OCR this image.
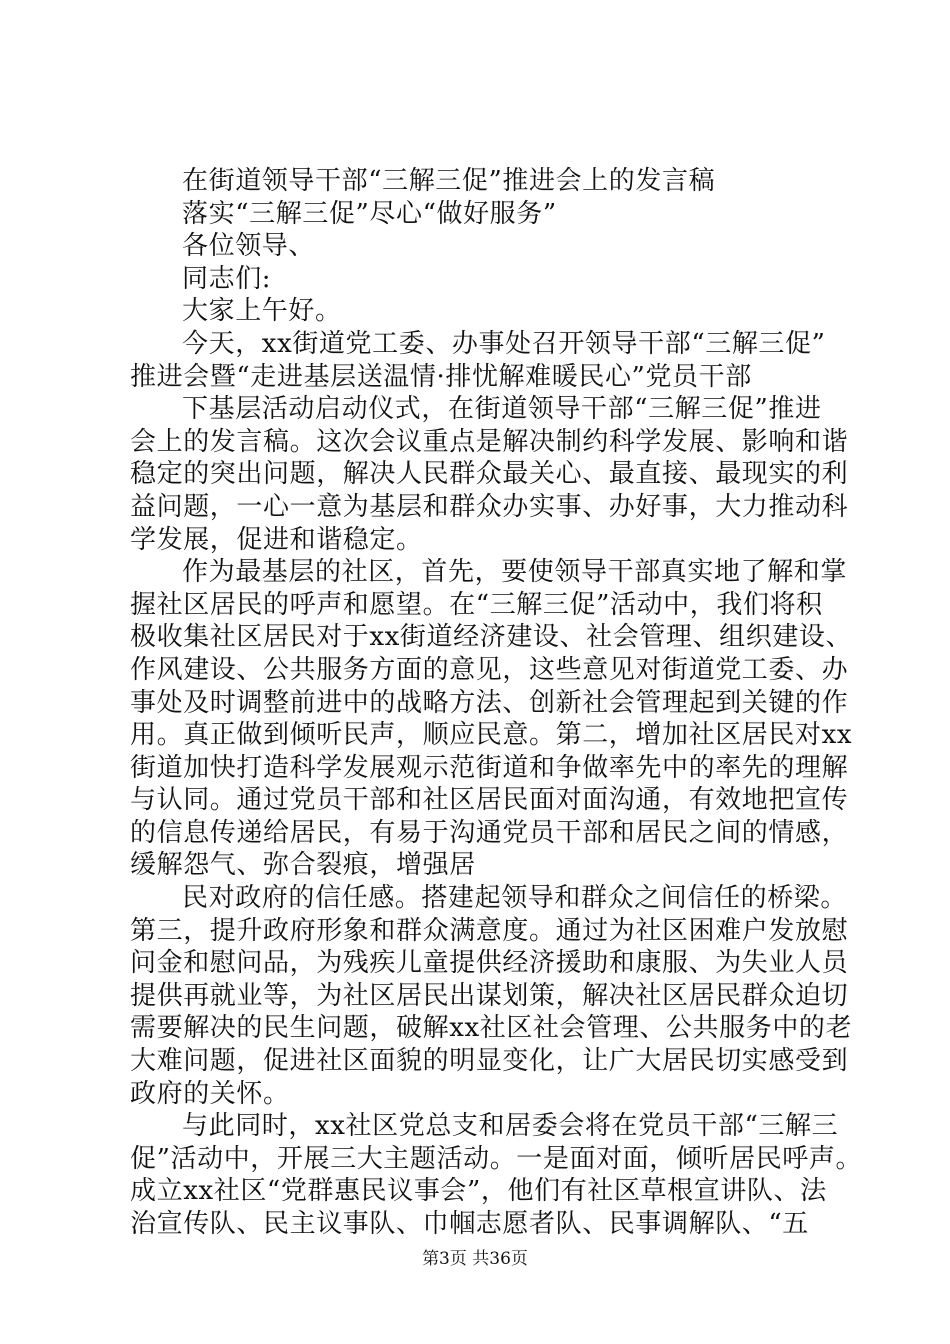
在街道领导干部“三解三促”推进会上的发言稿
落实“三解三促”尽心“做好服务”
各位领导、
同志们:
大家上午好。
今天，xx街道党工委、办事处召开领导干部“三解三促”
推进会暨“走进基层送温情·排忧解难暖民心”党员干部
下基层活动启动仪式，在街道领导干部“三解三促”推进
会上的发言稿。这次会议重点是解决制约科学发展、影响和谐
稳定的突出问题，解决人民群众最关心、最直接、最现实的利
益问题，一心一意为基层和群众办实事、办好事，大力推动科
学发展，促进和谐稳定。
作为最基层的社区，首先，要使领导干部真实地了解和掌
握社区居民的呼声和愿望。在“三解三促”活动中，我们将积
极收集社区居民对于xx街道经济建设、社会管理、组织建设、
作风建设、公共服务方面的意见，这些意见对街道党工委、办
事处及时调整前进中的战略方法、创新社会管理起到关键的作
用。真正做到倾听民声，顺应民意。第二，增加社区居民对xx
街道加快打造科学发展观示范街道和争做率先中的率先的理解
与认同。通过党员干部和社区居民面对面沟通，有效地把宣传
的信息传递给居民，有易于沟通党员干部和居民之间的情感，
缓解怨气、弥合裂痕，增强居
民对政府的信任感。搭建起领导和群众之间信任的桥梁。
第三，提升政府形象和群众满意度。通过为社区困难户发放慰
问金和慰问品，为残疾儿童提供经济援助和康服、为失业人员
提供再就业等，为社区居民出谋划策，解决社区居民群众迫切
需要解决的民生问题，破解xx社区社会管理、公共服务中的老
大难问题，促进社区面貌的明显变化，让广大居民切实感受到
政府的关怀。
与此同时，xx社区党总支和居委会将在党员干部“三解三
促”活动中，开展三大主题活动。一是面对面，倾听居民呼声。
成立xx社区“党群惠民议事会”，他们有社区草根宣讲队、法
治宣传队、民主议事队、巾帼志愿者队、民事调解队、“五
第3页 共36页
